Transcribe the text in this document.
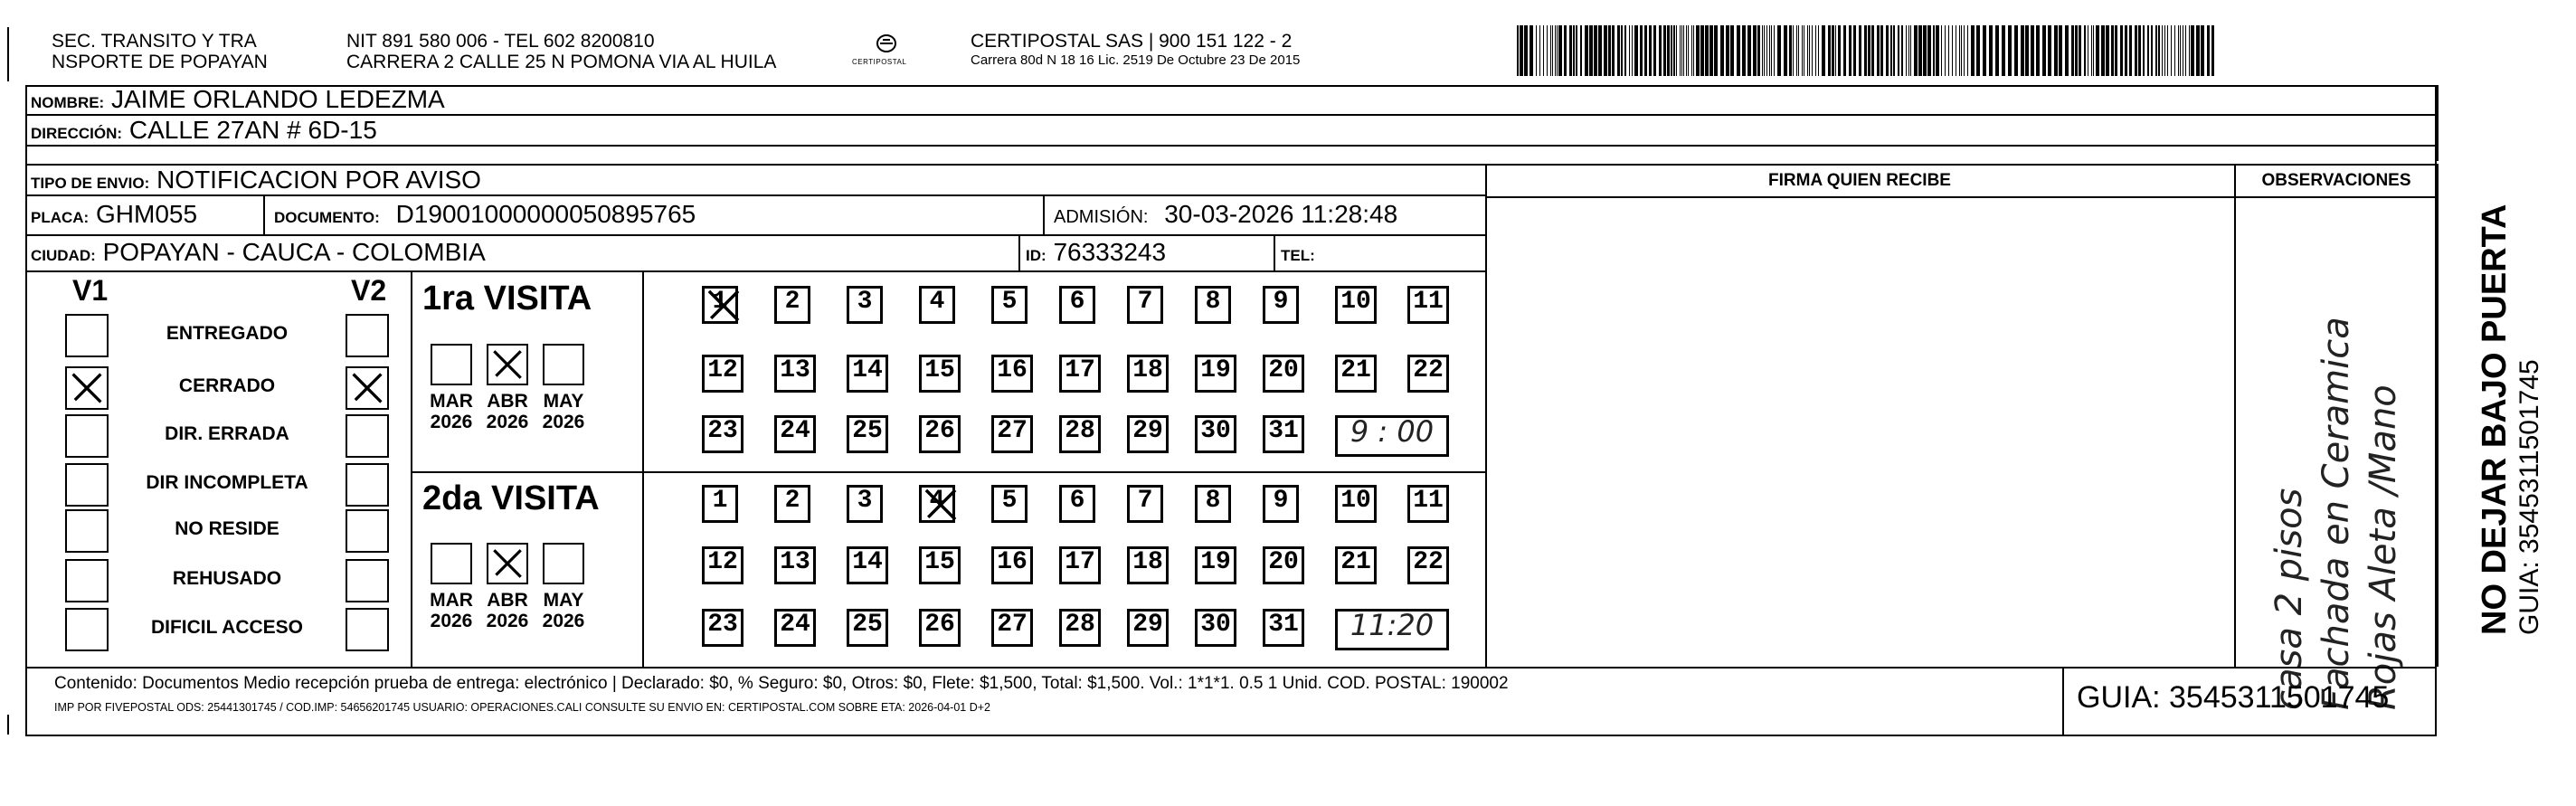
SEC. TRANSITO Y TRA
NSPORTE DE POPAYAN
NIT 891 580 006 - TEL 602 8200810
CARRERA 2 CALLE 25 N POMONA VIA AL HUILA	CERTIPOSTAL
CERTIPOSTAL SAS | 900 151 122 - 2
Carrera 80d N 18 16 Lic. 2519 De Octubre 23 De 2015
NOMBRE: JAIME ORLANDO LEDEZMA
DIRECCIÓN: CALLE 27AN # 6D-15
TIPO DE ENVIO: NOTIFICACION POR AVISO
PLACA: GHM055	DOCUMENTO: D19001000000050895765	ADMISIÓN: 30-03-2026 11:28:48
CIUDAD: POPAYAN - CAUCA - COLOMBIA	ID: 76333243	TEL:
FIRMA QUIEN RECIBE	OBSERVACIONES
casa 2 pisos Fachada en Ceramica Rojas Aleta /Mano
V1	V2
ENTREGADO
CERRADO
DIR. ERRADA
DIR INCOMPLETA
NO RESIDE
REHUSADO
DIFICIL ACCESO
1ra VISITA
2da VISITA
MAR
2026
ABR
2026
MAY
2026
MAR
2026
ABR
2026
MAY
2026
1	2	3	4	5	6	7	8	9	10 11
12 13 14 15 16 17 18 19 20 21 22
23 24 25 26 27 28 29 30 31	9 : 00
1	2	3	4	5	6	7	8	9	10 11
12 13 14 15 16 17 18 19 20 21 22
23 24 25 26 27 28 29 30 31	11:20
Contenido: Documentos Medio recepción prueba de entrega: electrónico | Declarado: $0, % Seguro: $0, Otros: $0, Flete: $1,500, Total: $1,500. Vol.: 1*1*1. 0.5 1 Unid. COD. POSTAL: 190002
IMP POR FIVEPOSTAL ODS: 25441301745 / COD.IMP: 54656201745 USUARIO: OPERACIONES.CALI CONSULTE SU ENVIO EN: CERTIPOSTAL.COM SOBRE ETA: 2026-04-01 D+2	GUIA: 3545311501745
NO DEJAR BAJO PUERTA GUIA: 3545311501745
